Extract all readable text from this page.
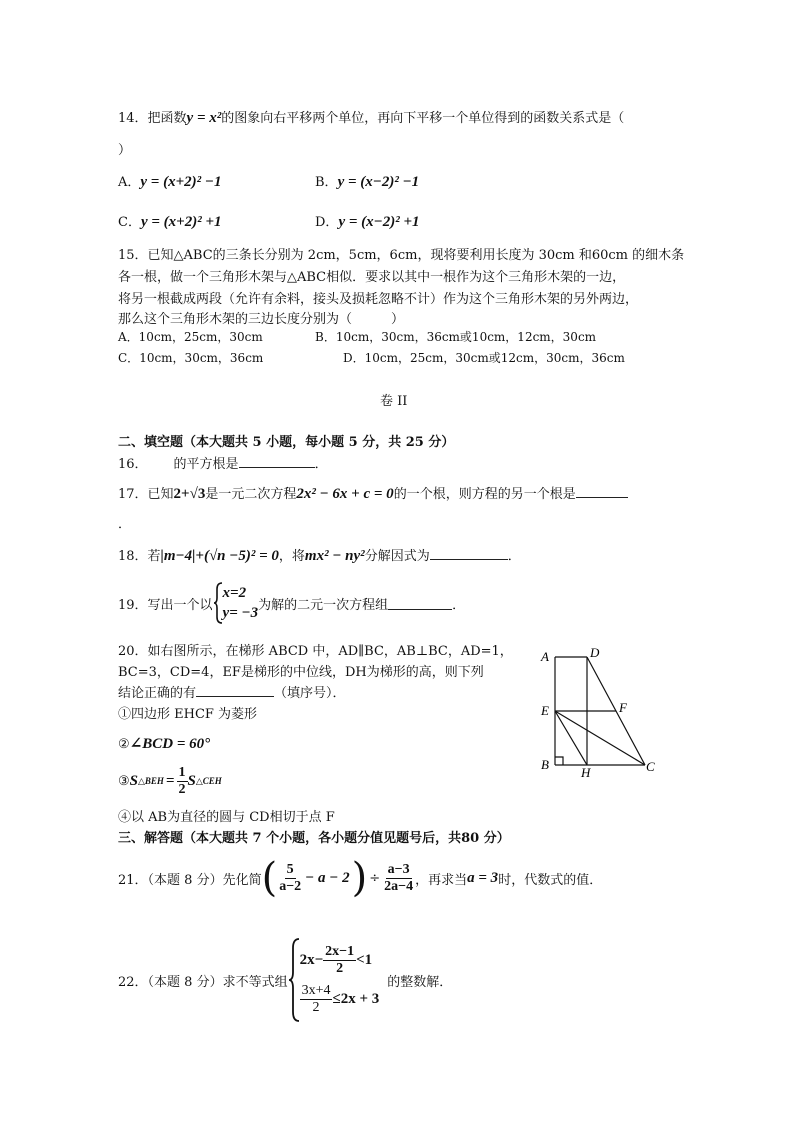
14．把函数y = x²的图象向右平移两个单位，再向下平移一个单位得到的函数关系式是（
）
A．y = (x+2)² −1	B．y = (x−2)² −1
C．y = (x+2)² +1	D．y = (x−2)² +1
15．已知△ABC的三条长分别为 2cm，5cm，6cm，现将要利用长度为 30cm 和60cm 的细木条
各一根，做一个三角形木架与△ABC相似．要求以其中一根作为这个三角形木架的一边，
将另一根截成两段（允许有余料，接头及损耗忽略不计）作为这个三角形木架的另外两边，
那么这个三角形木架的三边长度分别为（　　　）
A．10cm，25cm，30cm	B．10cm，30cm，36cm或10cm，12cm，30cm
C．10cm，30cm，36cm	D．10cm，25cm，30cm或12cm，30cm，36cm
卷 II
二、填空题（本大题共 5 小题，每小题 5 分，共 25 分）
16． 的平方根是	．
17．已知2+√3是一元二次方程2x² − 6x + c = 0的一个根，则方程的另一个根是
．
18．若|m−4|+(√n −5)² = 0，将mx² − ny²分解因式为	．
19．写出一个以
x=2
y= −3 为解的二元一次方程组	．
20．如右图所示，在梯形 ABCD 中，AD∥BC，AB⊥BC，AD=1，
BC=3，CD=4，EF是梯形的中位线，DH为梯形的高，则下列
结论正确的有	（填序号）．
①四边形 EHCF 为菱形
②∠BCD = 60°
③ S △BEH = $\frac{1}{2}$ S △CEH
④以 AB为直径的圆与 CD相切于点 F
A	D
E	F
B
H	C
三、解答题（本大题共 7 个小题，各小题分值见题号后，共80 分）
21．（本题 8 分）先化简 ( $\frac{5}{a-2} - a - 2$ ) ÷ $\frac{a-3}{2a-4}$ ，再求当 a = 3 时，代数式的值．
22．（本题 8 分）求不等式组
$2x- \frac{2x-1}{2} <1$
$\frac{3x+4}{2} \le 2x + 3$
的整数解．
